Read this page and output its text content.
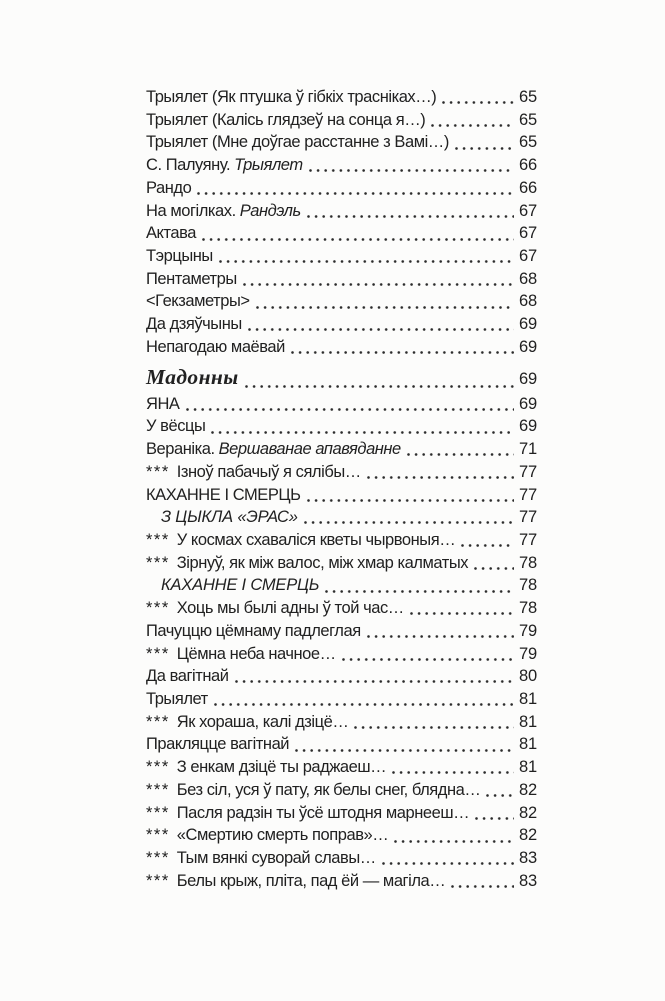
Трыялет (Як птушка ў гібкіх трасніках…)	65
Трыялет (Калісь глядзеў на сонца я…)	65
Трыялет (Мне доўгае расстанне з Вамі…)	65
С. Палуяну. Трыялет	66
Рандо	66
На могілках. Рандэль	67
Актава	67
Тэрцыны	67
Пентаметры	68
<Гекзаметры>	68
Да дзяўчыны	69
Непагодаю маёвай	69
Мадонны	69
ЯНА	69
У вёсцы	69
Вераніка. Вершаванае апавяданне	71
*** Ізноў пабачыў я сялібы…	77
КАХАННЕ І СМЕРЦЬ	77
З ЦЫКЛА «ЭРАС»	77
*** У космах схаваліся кветы чырвоныя…	77
*** Зірнуў, як між валос, між хмар калматых	78
КАХАННЕ І СМЕРЦЬ	78
*** Хоць мы былі адны ў той час…	78
Пачуццю цёмнаму падлеглая	79
*** Цёмна неба начное…	79
Да вагітнай	80
Трыялет	81
*** Як хораша, калі дзіцё…	81
Пракляцце вагітнай	81
*** З енкам дзіцё ты раджаеш…	81
*** Без сіл, уся ў пату, як белы снег, блядна… 82
*** Пасля радзін ты ўсё штодня марнееш…	82
*** «Смертию смерть поправ»…	82
*** Тым вянкі суворай славы…	83
*** Белы крыж, пліта, пад ёй — магіла…	83
